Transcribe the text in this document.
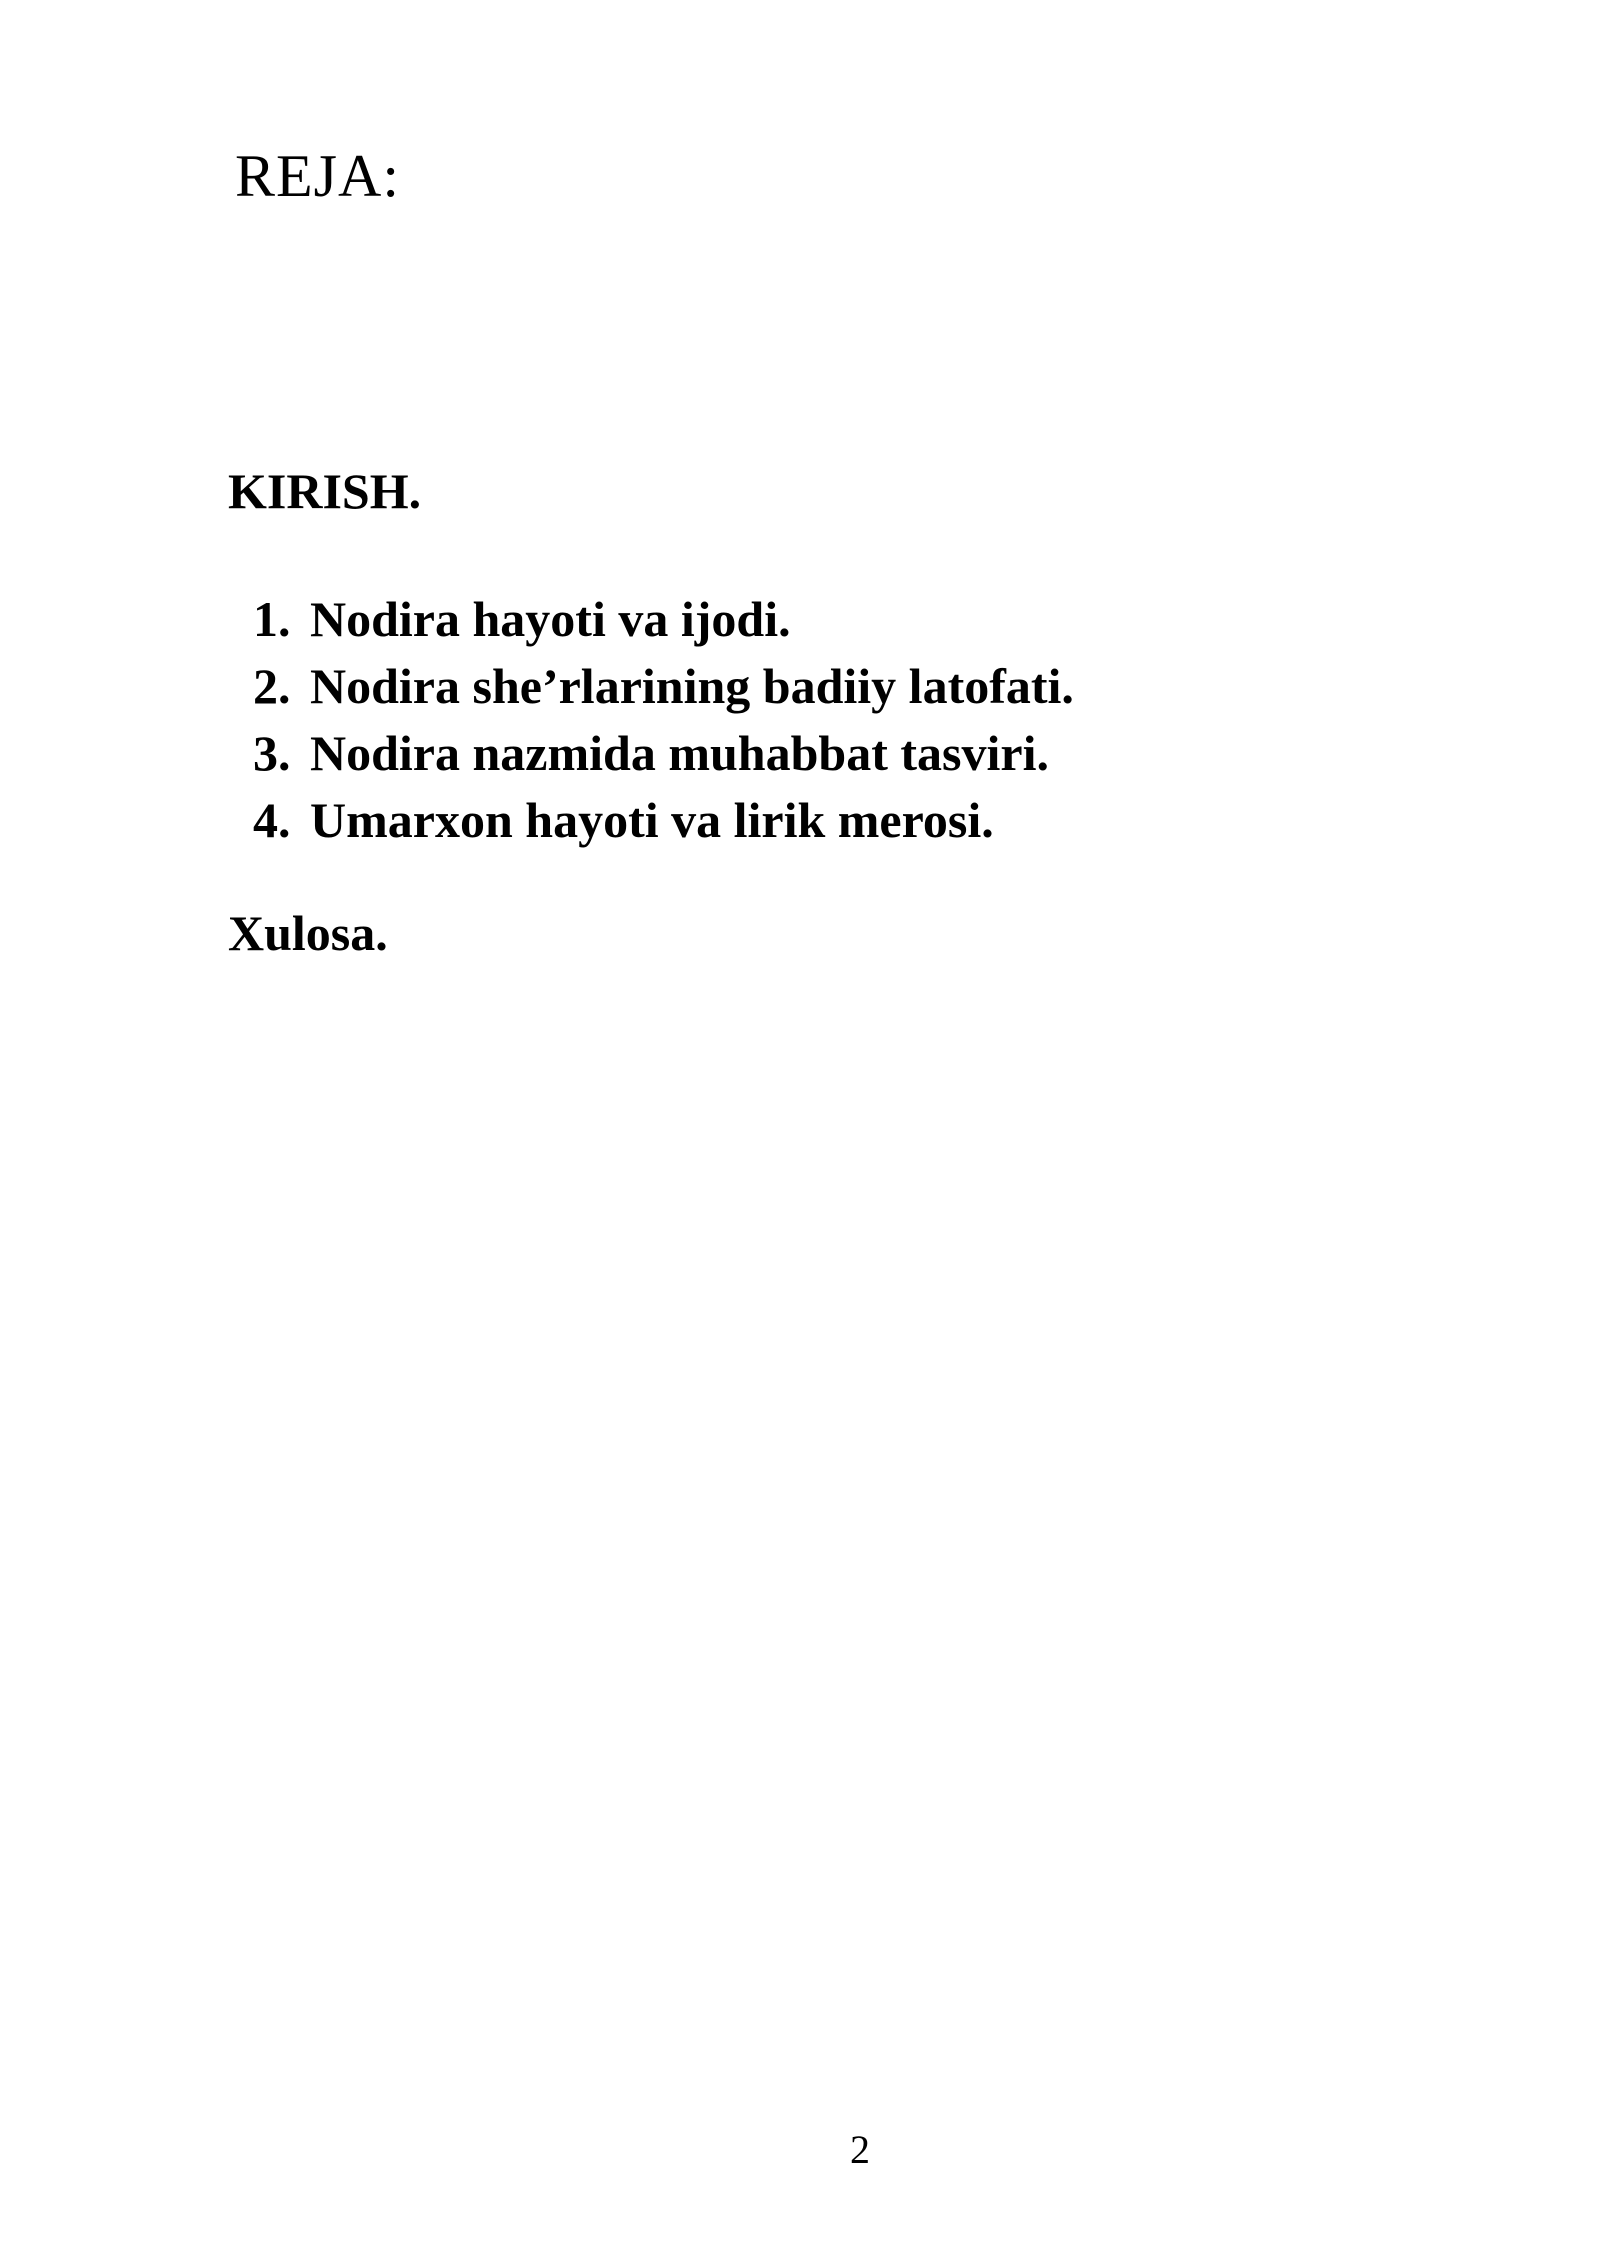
REJA:

KIRISH.

1. Nodira hayoti va ijodi.
2. Nodira she’rlarining badiiy latofati.
3. Nodira nazmida muhabbat tasviri.
4. Umarxon hayoti va lirik merosi.

Xulosa.

2
